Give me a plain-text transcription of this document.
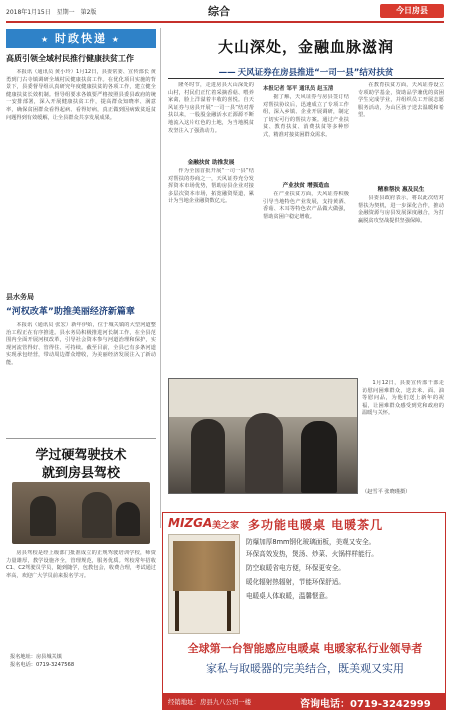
2018年1月15日 星期一 第2版	综合	今日房县
★ 时政快递 ★
高质引领全域村民推行健康扶贫工作
本报讯（通讯员 黄小玲）1月12日，县委常委、宣传部长 黄勇到门古寺镇调研全域村民健康扶贫工作。在优化项目实施的背景下，县委督导组认真研究年度健康扶贫的各项工作，建立健全健康扶贫长效机制。督导组要求各镇要严格按照县委县政府的统一安排部署，深入开展健康扶贫工作，提高群众知晓率、满意率，确保贫困群众看得起病、看得好病，真正做到因病致贫返贫问题得到有效缓解，让全县群众共享发展成果。
县水务局
“河权改革”助推美丽经济新篇章
本报讯（通讯员 张宏）新年伊始，位于城关镇的大型河道整治工程正在有序推进。县水务局积极推进河长制工作，在全县范围内全面开展河权改革，引导社会资本参与河道治理和保护，实现河流管得好、管得住、可持续。截至目前，全县已有多条河道实现承包经营，带动周边群众增收，为美丽经济发展注入了新动能。
学过硬驾驶技术
就到房县驾校
房县驾校是经上级部门批准成立的正规驾驶培训学校，师资力量雄厚，教学设施齐全，管理规范，服务优质。驾校常年招收C1、C2驾驶员学员，随到随学，包教包会，收费合理，考试通过率高，欢迎广大学员前来报名学习。
报名地址：房县城关镇
报名电话：0719-3247568
大山深处，金融血脉滋润
—— 天风证券在房县推进“一司一县”结对扶贫

隆冬时节，走进房县大山深处的山村，村民们正忙着采摘香菇、喂养家禽，脸上洋溢着丰收的喜悦。自天风证券与房县开展“一司一县”结对帮扶以来，一股股金融活水正源源不断地流入这片红色的土地，为当地脱贫攻坚注入了强劲动力。

金融扶贫 助推发展

作为全国首批开展“一司一县”结对帮扶的券商之一，天风证券充分发挥资本市场优势，帮助房县企业对接多层次资本市场，拓宽融资渠道，累计为当地企业融资数亿元。

本报记者 邹平 通讯员 赵玉清

据了解，天风证券与房县签订结对帮扶协议后，迅速成立了专项工作组，深入乡镇、企业开展调研，制定了切实可行的帮扶方案。通过产业扶贫、教育扶贫、消费扶贫等多种形式，精准对接贫困群众需求。

产业扶贫 增强造血

在产业扶贫方面，天风证券积极引导当地特色产业发展，支持黄酒、香菇、木耳等特色农产品做大做强，帮助贫困户稳定增收。

在教育扶贫方面，天风证券设立专项助学基金，资助品学兼优的贫困学生完成学业，并组织员工开展志愿服务活动，为山区孩子送去温暖和希望。

精准帮扶 惠及民生

县委县政府表示，将以此次结对帮扶为契机，进一步深化合作，推动金融资源与房县发展深度融合，为打赢脱贫攻坚战提供坚强保障。

1月12日，县委宣传部干部走访慰问困难群众，送去米、面、油等慰问品，为他们送上新年的祝福，让困难群众感受到党和政府的温暖与关怀。
（赵雪平 张晓瑾摄）
MIZGA 美之家 多功能电暖桌 电暖茶几
防爆加厚8mm钢化玻璃面板，美观又安全。
环保高效发热，煲汤、炒菜、火锅样样能行。
防空取暖省电方便，环保更安全。
暖化辐射热辐射，节能环保舒适。
电暖桌人体取暖，温馨惬意。
全球第一台智能感应电暖桌 电暖家私行业领导者
家私与取暖器的完美结合，既美观又实用
经销地址：房县九八公司一楼	咨询电话：0719-3242999
